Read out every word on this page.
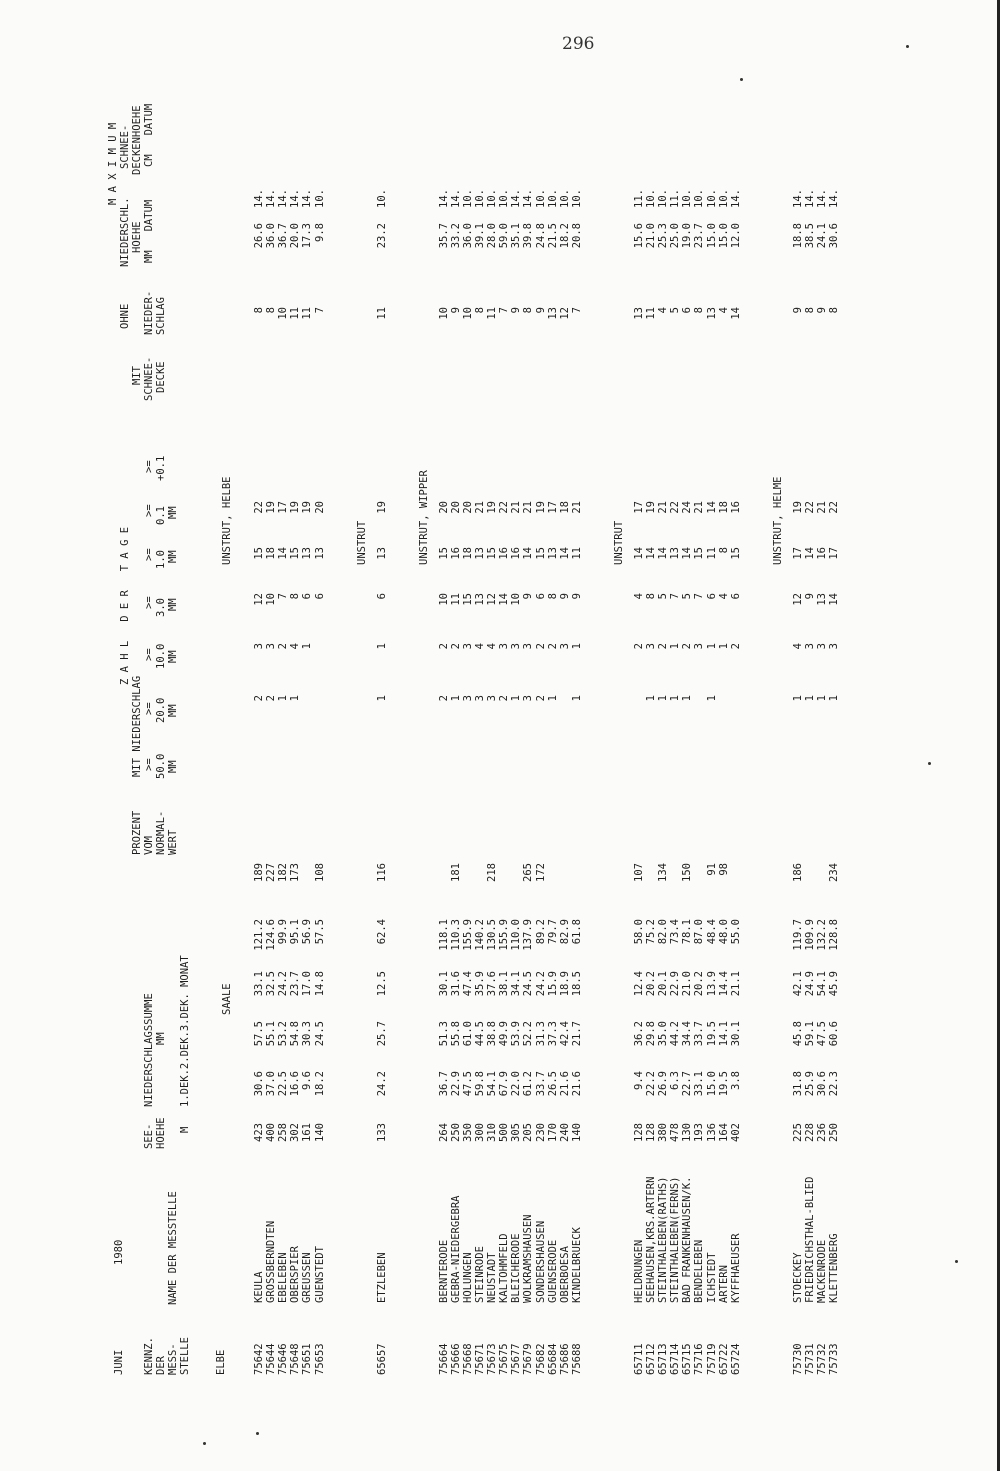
296
JUNI
1980
KENNZ. DER MESS- STELLE
NAME DER MESSTELLE
SEE- HOEHE M
NIEDERSCHLAGSSUMME MM 1.DEK.2.DEK.3.DEK. MONAT
PROZENT VOM NORMAL- WERT
Z A H L   D E R   T A G E
MIT NIEDERSCHLAG
MIT SCHNEE- DECKE
OHNE NIEDER- SCHLAG
M A X I M U M
NIEDERSCHL. HOEHE MM   DATUM
SCHNEE- DECKENHOEHE CM   DATUM
ELBE
SAALE
UNSTRUT, HELBE
75642
KEULA
423
30.6
57.5
33.1
121.2
189
2
3
12
15
22
8
26.6
14.
75644
GROSSBERNDTEN
400
37.0
55.1
32.5
124.6
227
2
3
10
18
19
8
36.0
14.
75646
EBELEBEN
258
22.5
53.2
24.2
99.9
182
1
2
7
14
17
10
36.7
14.
75648
OBERSPIER
302
16.6
54.8
23.7
95.1
173
1
4
8
15
19
11
20.0
14.
75651
GREUSSEN
161
9.6
30.3
17.0
56.9
1
6
13
19
11
17.3
14.
75653
GUENSTEDT
140
18.2
24.5
14.8
57.5
108
6
13
20
7
9.8
10.
UNSTRUT
65657
ETZLEBEN
133
24.2
25.7
12.5
62.4
116
1
1
6
13
19
11
23.2
10.
UNSTRUT, WIPPER
75664
BERNTERODE
264
36.7
51.3
30.1
118.1
2
2
10
15
20
10
35.7
14.
75666
GEBRA-NIEDERGEBRA
250
22.9
55.8
31.6
110.3
181
1
2
11
16
20
9
33.2
14.
75668
HOLUNGEN
350
47.5
61.0
47.4
155.9
3
3
15
18
20
10
36.0
10.
75671
STEINRODE
300
59.8
44.5
35.9
140.2
3
4
13
13
21
8
39.1
10.
75673
NEUSTADT
310
54.1
38.8
37.6
130.5
218
3
4
12
15
19
11
28.0
10.
75675
KALTOHMFELD
500
67.9
49.9
38.1
155.9
2
3
14
16
22
7
59.0
10.
75677
BLEICHERODE
305
22.0
53.9
34.1
110.0
1
3
10
16
21
9
35.1
14.
75679
WOLKRAMSHAUSEN
205
61.2
52.2
24.5
137.9
265
3
3
9
14
21
8
39.8
14.
75682
SONDERSHAUSEN
230
33.7
31.3
24.2
89.2
172
2
2
6
15
19
9
24.8
10.
65684
GUENSERODE
170
26.5
37.3
15.9
79.7
1
2
8
13
17
13
21.5
10.
75686
OBERBOESA
240
21.6
42.4
18.9
82.9
3
9
14
18
12
18.2
10.
75688
KINDELBRUECK
140
21.6
21.7
18.5
61.8
1
1
9
11
21
7
20.8
10.
UNSTRUT
65711
HELDRUNGEN
128
9.4
36.2
12.4
58.0
107
2
4
14
17
13
15.6
11.
65712
SEEHAUSEN,KRS.ARTERN
128
22.2
29.8
20.2
75.2
1
3
8
14
19
11
21.0
10.
65713
STEINTHALEBEN(RATHS)
380
26.9
35.0
20.1
82.0
134
1
2
5
14
21
4
25.3
10.
65714
STEINTHALEBEN(FERNS)
478
6.3
44.2
22.9
73.4
1
1
7
13
22
5
25.0
11.
65715
BAD FRANKENHAUSEN/K.
130
22.7
34.4
21.0
78.1
150
1
2
5
14
24
6
19.0
10.
75716
BENDELEBEN
193
33.1
33.7
20.2
87.0
3
7
15
21
8
23.7
10.
75719
ICHSTEDT
136
15.0
19.5
13.9
48.4
91
1
1
6
11
14
13
15.0
10.
65722
ARTERN
164
19.5
14.1
14.4
48.0
98
1
4
8
18
4
15.0
10.
65724
KYFFHAEUSER
402
3.8
30.1
21.1
55.0
2
6
15
16
14
12.0
14.
UNSTRUT, HELME
75730
STOECKEY
225
31.8
45.8
42.1
119.7
186
1
4
12
17
19
9
18.8
14.
75731
FRIEDRICHSTHAL-BLIED
228
25.9
59.1
24.9
109.9
1
3
9
14
22
8
38.5
14.
75732
MACKENRODE
236
30.6
47.5
54.1
132.2
1
3
13
16
21
9
24.1
14.
75733
KLETTENBERG
250
22.3
60.6
45.9
128.8
234
1
3
14
17
22
8
30.6
14.
>=
>=
>=
>=
>=
>=
>=
50.0
20.0
10.0
3.0
1.0
0.1
+0.1
MM
MM
MM
MM
MM
MM
